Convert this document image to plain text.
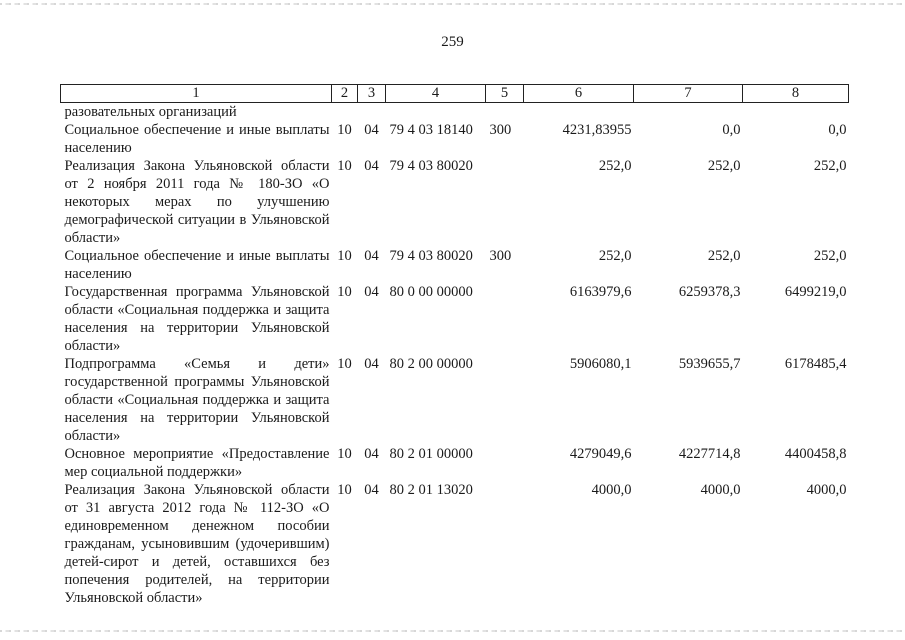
259
1	2	3	4	5	6	7	8
разовательных организаций							
Социальное обеспечение и иные выплаты населению	10	04	79 4 03 18140	300	4231,83955	0,0	0,0
Реализация Закона Ульяновской области от 2 ноября 2011 года № 180-ЗО «О некоторых мерах по улучшению демографической ситуации в Ульяновской области»	10	04	79 4 03 80020		252,0	252,0	252,0
Социальное обеспечение и иные выплаты населению	10	04	79 4 03 80020	300	252,0	252,0	252,0
Государственная программа Ульяновской области «Социальная поддержка и защита населения на территории Ульяновской области»	10	04	80 0 00 00000		6163979,6	6259378,3	6499219,0
Подпрограмма «Семья и дети» государственной программы Ульяновской области «Социальная поддержка и защита населения на территории Ульяновской области»	10	04	80 2 00 00000		5906080,1	5939655,7	6178485,4
Основное мероприятие «Предоставление мер социальной поддержки»	10	04	80 2 01 00000		4279049,6	4227714,8	4400458,8
Реализация Закона Ульяновской области от 31 августа 2012 года № 112-ЗО «О единовременном денежном пособии гражданам, усыновившим (удочерившим) детей-сирот и детей, оставшихся без попечения родителей, на территории Ульяновской области»	10	04	80 2 01 13020		4000,0	4000,0	4000,0
